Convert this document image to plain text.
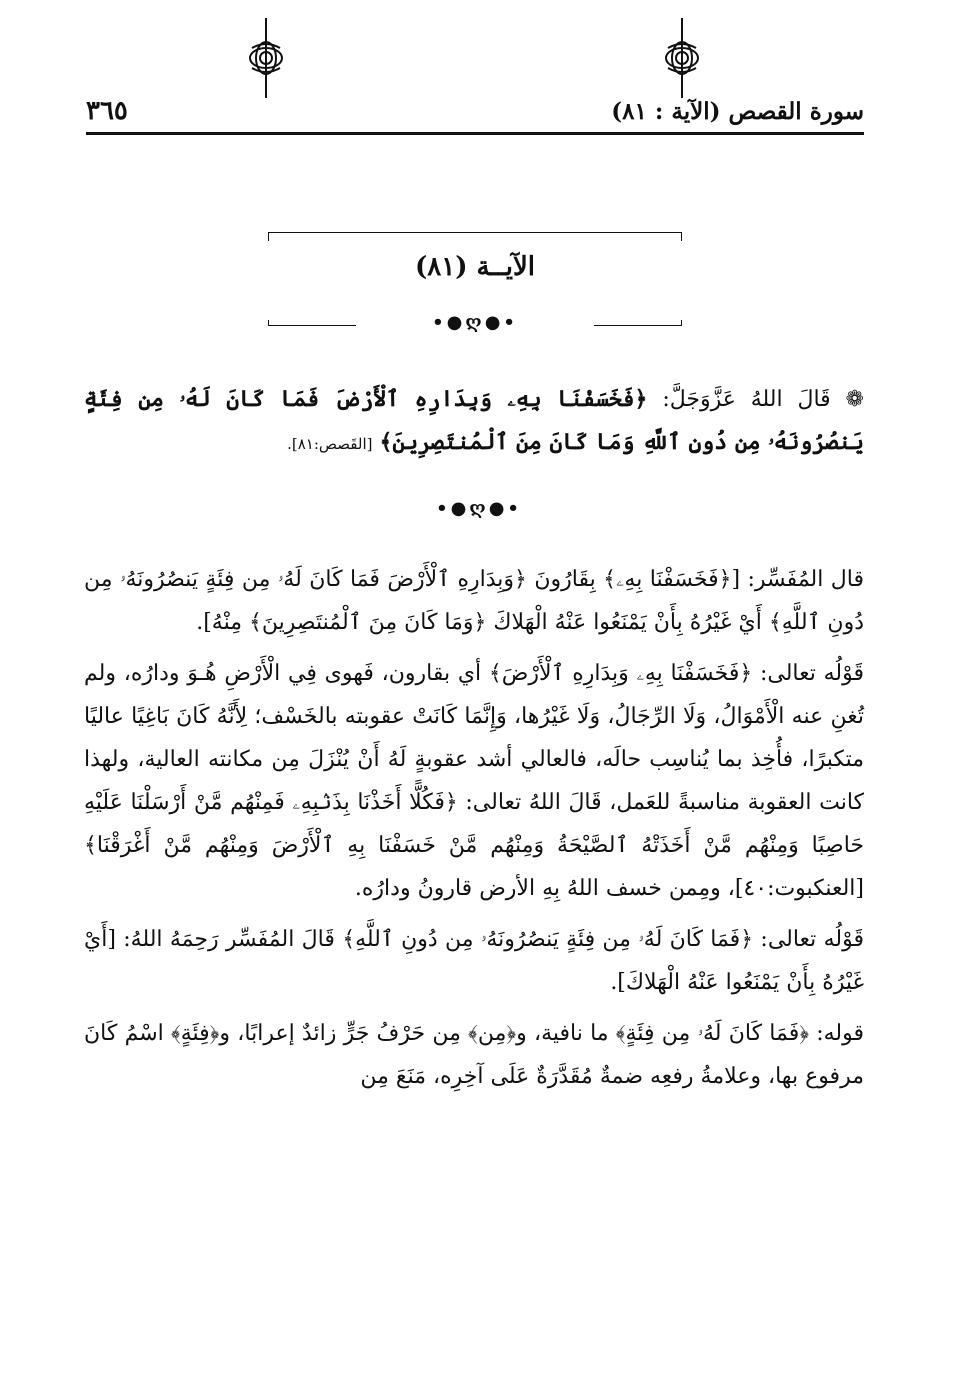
سورة القصص (الآية : ٨١)
٣٦٥
الآيــة (٨١)
•●ღ●•

❁ قَالَ اللهُ عَزَّوَجَلَّ: ﴿فَخَسَفْنَا بِهِۦ وَبِدَارِهِ ٱلْأَرْضَ فَمَا كَانَ لَهُۥ مِن فِئَةٍ يَنصُرُونَهُۥ مِن دُونِ ٱللَّهِ وَمَا كَانَ مِنَ ٱلْمُنتَصِرِينَ﴾ [القَصص:٨١].

•●ღ●•

قال المُفَسِّر: [﴿فَخَسَفْنَا بِهِۦ﴾ بِقَارُونَ ﴿وَبِدَارِهِ ٱلْأَرْضَ فَمَا كَانَ لَهُۥ مِن فِئَةٍ يَنصُرُونَهُۥ مِن دُونِ ٱللَّهِ﴾ أَيْ غَيْرُهُ بِأَنْ يَمْنَعُوا عَنْهُ الْهَلاكَ ﴿وَمَا كَانَ مِنَ ٱلْمُنتَصِرِينَ﴾ مِنْهُ].

قَوْلُه تعالى: ﴿فَخَسَفْنَا بِهِۦ وَبِدَارِهِ ٱلْأَرْضَ﴾ أي بقارون، فَهوى فِي الْأَرْضِ هُـوَ ودارُه، ولم تُغنِ عنه الْأَمْوَالُ، وَلَا الرِّجَالُ، وَلَا غَيْرُها، وَإِنَّمَا كَانَتْ عقوبته بالخَسْف؛ لِأَنَّهُ كَانَ بَاغِيًا عاليًا متكبرًا، فأُخِذ بما يُناسِب حالَه، فالعالي أشد عقوبةٍ لَهُ أَنْ يُنْزَلَ مِن مكانته العالية، ولهذا كانت العقوبة مناسبةً للعَمل، قَالَ اللهُ تعالى: ﴿فَكُلًّا أَخَذْنَا بِذَنۢبِهِۦ فَمِنْهُم مَّنْ أَرْسَلْنَا عَلَيْهِ حَاصِبًا وَمِنْهُم مَّنْ أَخَذَتْهُ ٱلصَّيْحَةُ وَمِنْهُم مَّنْ خَسَفْنَا بِهِ ٱلْأَرْضَ وَمِنْهُم مَّنْ أَغْرَقْنَا﴾ [العنكبوت:٤٠]، ومِمن خسف اللهُ بِهِ الأرض قارونُ ودارُه.

قَوْلُه تعالى: ﴿فَمَا كَانَ لَهُۥ مِن فِئَةٍ يَنصُرُونَهُۥ مِن دُونِ ٱللَّهِ﴾ قَالَ المُفَسِّر رَحِمَهُ اللهُ: [أَيْ غَيْرُهُ بِأَنْ يَمْنَعُوا عَنْهُ الْهَلاكَ].

قوله: ﴿فَمَا كَانَ لَهُۥ مِن فِئَةٍ﴾ ما نافية، و﴿مِن﴾ مِن حَرْفُ جَرٍّ زائدٌ إعرابًا، و﴿فِئَةٍ﴾ اسْمُ كَانَ مرفوع بها، وعلامةُ رفعِه ضمةٌ مُقَدَّرَةٌ عَلَى آخِرِه، مَنَعَ مِن
